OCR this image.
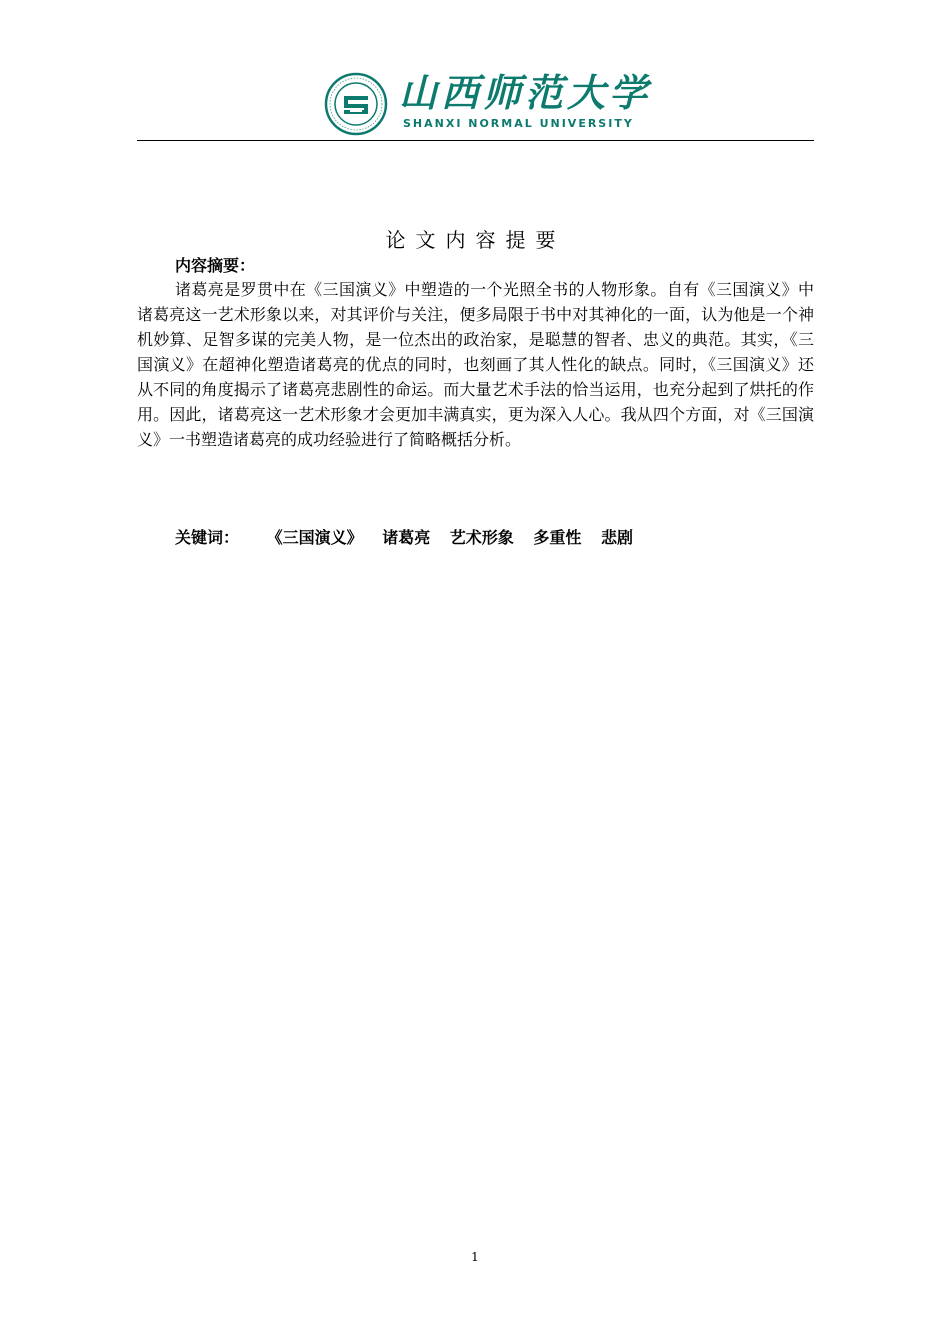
山西师范大学
SHANXI NORMAL UNIVERSITY
论文内容提要
内容摘要：

诸葛亮是罗贯中在《三国演义》中塑造的一个光照全书的人物形象。自有《三国演义》中诸葛亮这一艺术形象以来，对其评价与关注，便多局限于书中对其神化的一面，认为他是一个神机妙算、足智多谋的完美人物，是一位杰出的政治家，是聪慧的智者、忠义的典范。其实，《三国演义》在超神化塑造诸葛亮的优点的同时，也刻画了其人性化的缺点。同时，《三国演义》还从不同的角度揭示了诸葛亮悲剧性的命运。而大量艺术手法的恰当运用，也充分起到了烘托的作用。因此，诸葛亮这一艺术形象才会更加丰满真实，更为深入人心。我从四个方面，对《三国演义》一书塑造诸葛亮的成功经验进行了简略概括分析。

关键词： 《三国演义》 诸葛亮 艺术形象 多重性 悲剧
1
